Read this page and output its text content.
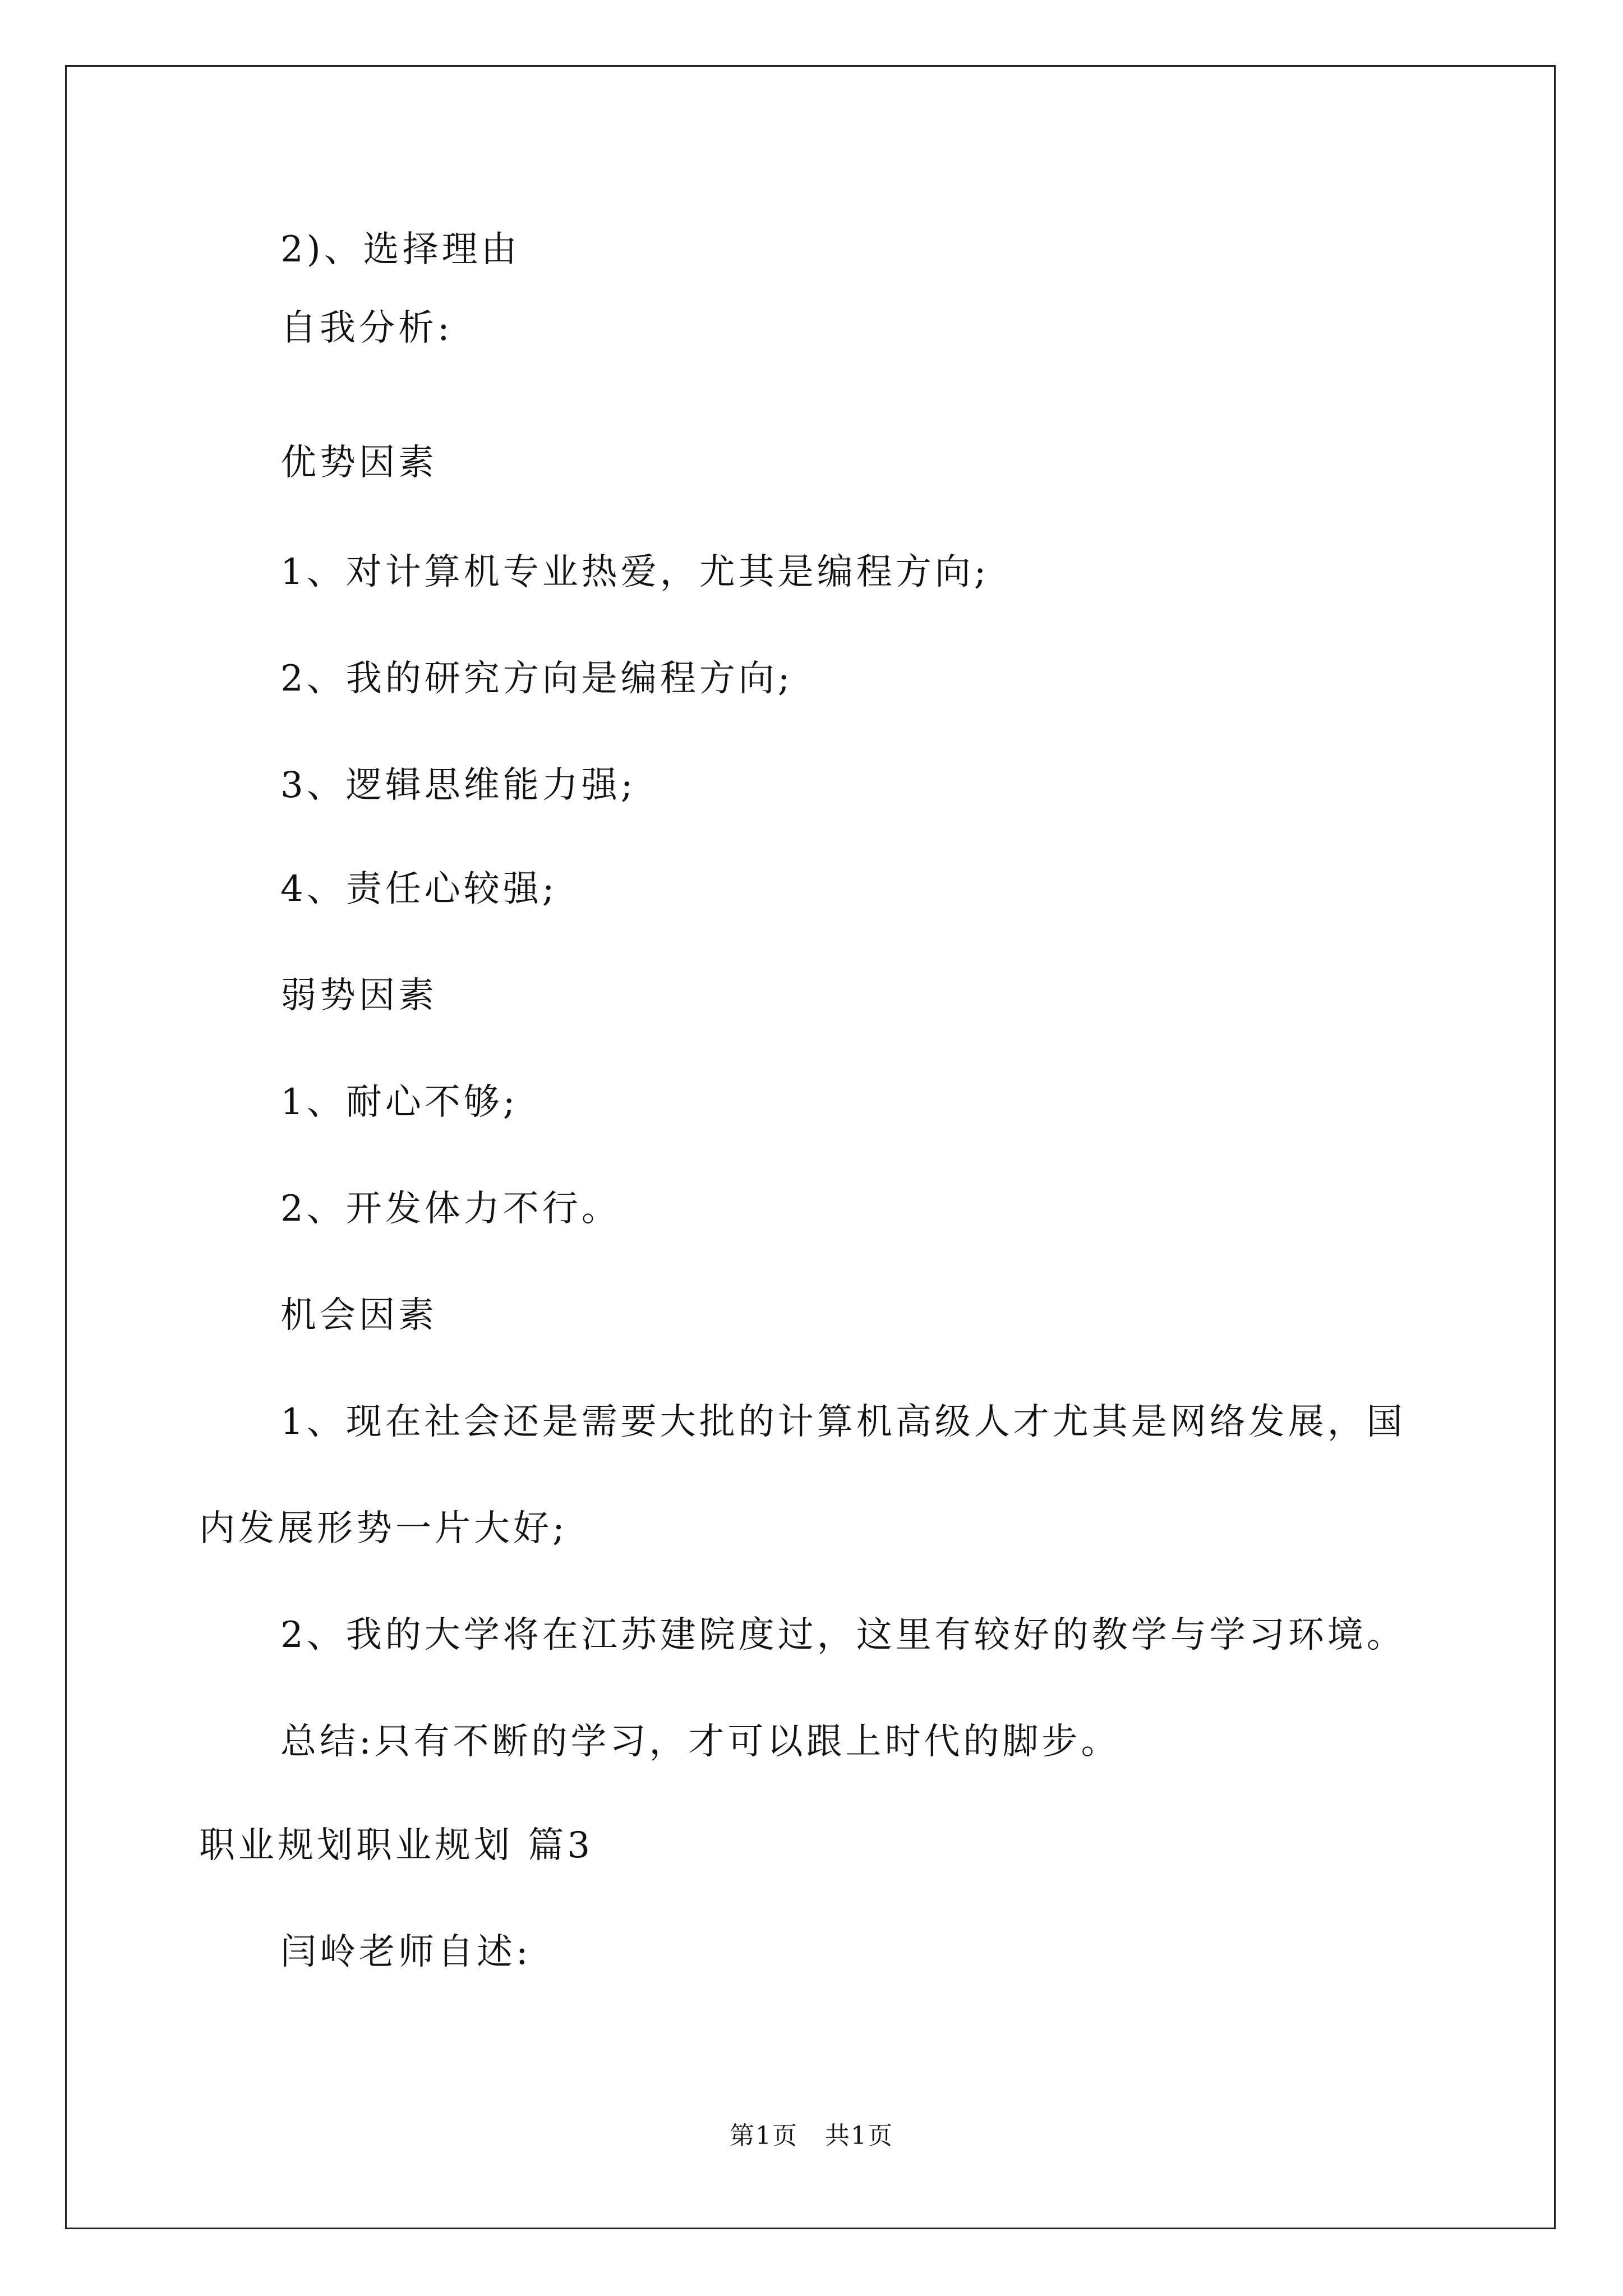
2)、选择理由
自我分析:
优势因素
1、对计算机专业热爱，尤其是编程方向;
2、我的研究方向是编程方向;
3、逻辑思维能力强;
4、责任心较强;
弱势因素
1、耐心不够;
2、开发体力不行。
机会因素
1、现在社会还是需要大批的计算机高级人才尤其是网络发展，国
内发展形势一片大好;
2、我的大学将在江苏建院度过，这里有较好的教学与学习环境。
总结:只有不断的学习，才可以跟上时代的脚步。
职业规划职业规划 篇3
闫岭老师自述:
第1页 共1页
